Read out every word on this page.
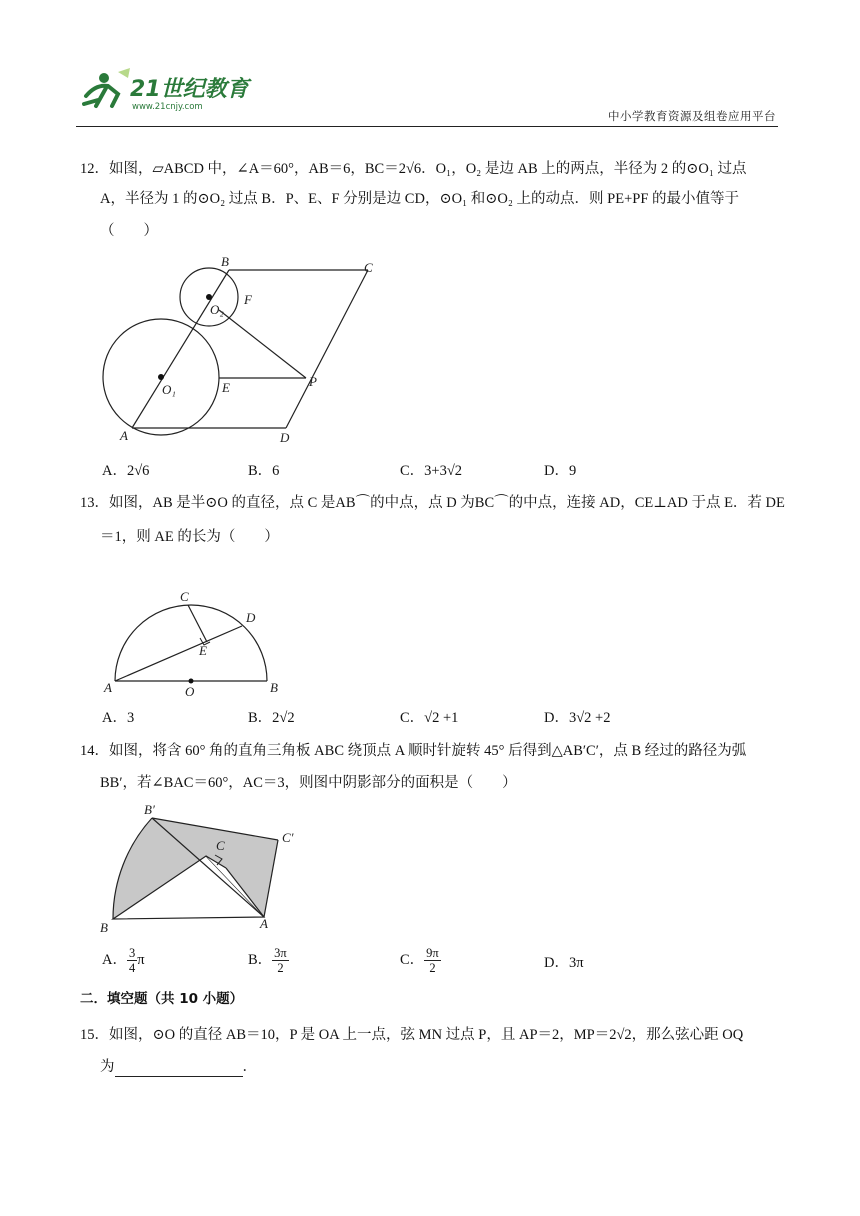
21世纪教育
www.21cnjy.com
中小学教育资源及组卷应用平台
12．如图，▱ABCD 中，∠A＝60°，AB＝6，BC＝2√6．O₁，O₂ 是边 AB 上的两点，半径为 2 的⊙O₁ 过点
A，半径为 1 的⊙O₂ 过点 B．P、E、F 分别是边 CD，⊙O₁ 和⊙O₂ 上的动点．则 PE+PF 的最小值等于
（　　）
A
B	C
D
E
F
P
O₁
O₂
A．2√6	B．6	C．3+3√2	D．9
13．如图，AB 是半⊙O 的直径，点 C 是AB⌒的中点，点 D 为BC⌒的中点，连接 AD，CE⊥AD 于点 E．若 DE
＝1，则 AE 的长为（　　）
A	B
C
D
E
O
A．3	B．2√2	C．√2 +1	D．3√2 +2
14．如图，将含 60° 角的直角三角板 ABC 绕顶点 A 顺时针旋转 45° 后得到△AB′C′，点 B 经过的路径为弧
BB′，若∠BAC＝60°，AC＝3，则图中阴影部分的面积是（　　）
B
B′
C
C′
A
A． $\frac{3}{4}$ π	B． $\frac{3\pi}{2}$	C． $\frac{9\pi}{2}$	D．3π
二．填空题（共 10 小题）
15．如图，⊙O 的直径 AB＝10，P 是 OA 上一点，弦 MN 过点 P，且 AP＝2，MP＝2√2，那么弦心距 OQ
为	．
